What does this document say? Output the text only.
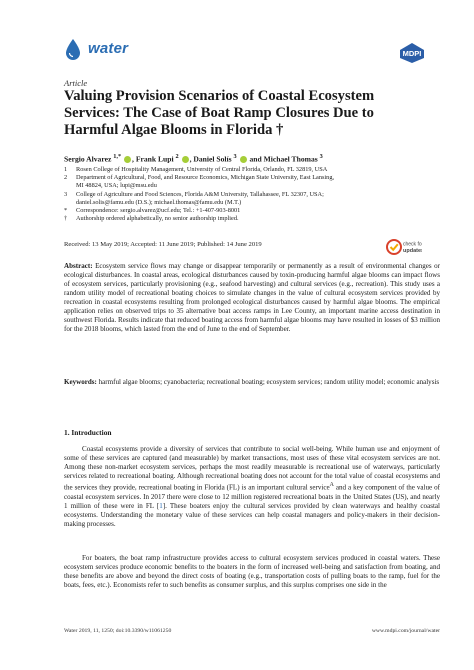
water	MDPI
Article
Valuing Provision Scenarios of Coastal Ecosystem Services: The Case of Boat Ramp Closures Due to Harmful Algae Blooms in Florida †
Sergio Alvarez $^{1,*}$ , Frank Lupi $^2$ , Daniel Solís $^3$  and Michael Thomas $^3$
1	Rosen College of Hospitality Management, University of Central Florida, Orlando, FL 32819, USA
2	Department of Agricultural, Food, and Resource Economics, Michigan State University, East Lansing,
MI 48824, USA; lupi@msu.edu
3	College of Agriculture and Food Sciences, Florida A&M University, Tallahassee, FL 32307, USA;
daniel.solis@famu.edu (D.S.); michael.thomas@famu.edu (M.T.)
*	Correspondence: sergio.alvarez@ucf.edu; Tel.: +1-407-903-8001
†	Authorship ordered alphabetically, no senior authorship implied.
Received: 13 May 2019; Accepted: 11 June 2019; Published: 14 June 2019	check for
updates

Abstract: Ecosystem service flows may change or disappear temporarily or permanently as a result of environmental changes or ecological disturbances. In coastal areas, ecological disturbances caused by toxin-producing harmful algae blooms can impact flows of ecosystem services, particularly provisioning (e.g., seafood harvesting) and cultural services (e.g., recreation). This study uses a random utility model of recreational boating choices to simulate changes in the value of cultural ecosystem services provided by recreation in coastal ecosystems resulting from prolonged ecological disturbances caused by harmful algae blooms. The empirical application relies on observed trips to 35 alternative boat access ramps in Lee County, an important marine access destination in southwest Florida. Results indicate that reduced boating access from harmful algae blooms may have resulted in losses of $3 million for the 2018 blooms, which lasted from the end of June to the end of September.

Keywords: harmful algae blooms; cyanobacteria; recreational boating; ecosystem services; random utility model; economic analysis

1. Introduction

Coastal ecosystems provide a diversity of services that contribute to social well-being. While human use and enjoyment of some of these services are captured (and measurable) by market transactions, most uses of these vital ecosystem services are not. Among these non-market ecosystem services, perhaps the most readily measurable is recreational use of waterways, particularly services related to recreational boating. Although recreational boating does not account for the total value of coastal ecosystems and the services they provide, recreational boating in Florida (FL) is an important cultural service$^A$ and a key component of the value of coastal ecosystem services. In 2017 there were close to 12 million registered recreational boats in the United States (US), and nearly 1 million of these were in FL [1]. These boaters enjoy the cultural services provided by clean waterways and healthy coastal ecosystems. Understanding the monetary value of these services can help coastal managers and policy-makers in their decision-making processes.

For boaters, the boat ramp infrastructure provides access to cultural ecosystem services produced in coastal waters. These ecosystem services produce economic benefits to the boaters in the form of increased well-being and satisfaction from boating, and these benefits are above and beyond the direct costs of boating (e.g., transportation costs of pulling boats to the ramp, fuel for the boats, fees, etc.). Economists refer to such benefits as consumer surplus, and this surplus comprises one side in the

Water 2019, 11, 1250; doi:10.3390/w11061250	www.mdpi.com/journal/water
